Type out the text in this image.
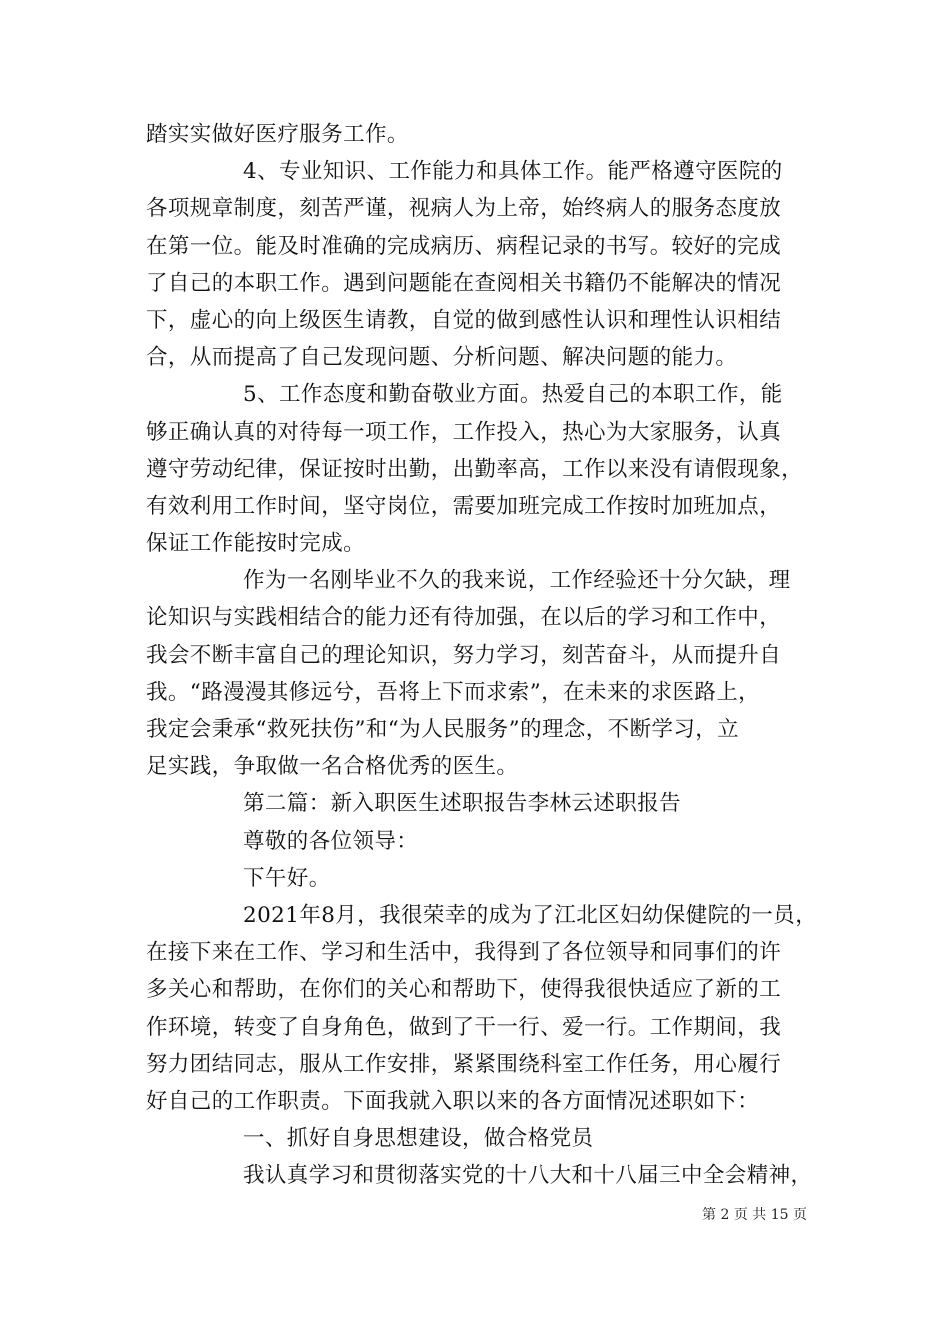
踏实实做好医疗服务工作。
4、专业知识、工作能力和具体工作。能严格遵守医院的
各项规章制度，刻苦严谨，视病人为上帝，始终病人的服务态度放
在第一位。能及时准确的完成病历、病程记录的书写。较好的完成
了自己的本职工作。遇到问题能在查阅相关书籍仍不能解决的情况
下，虚心的向上级医生请教，自觉的做到感性认识和理性认识相结
合，从而提高了自己发现问题、分析问题、解决问题的能力。
5、工作态度和勤奋敬业方面。热爱自己的本职工作，能
够正确认真的对待每一项工作，工作投入，热心为大家服务，认真
遵守劳动纪律，保证按时出勤，出勤率高，工作以来没有请假现象，
有效利用工作时间，坚守岗位，需要加班完成工作按时加班加点，
保证工作能按时完成。
作为一名刚毕业不久的我来说，工作经验还十分欠缺，理
论知识与实践相结合的能力还有待加强，在以后的学习和工作中，
我会不断丰富自己的理论知识，努力学习，刻苦奋斗，从而提升自
我。“路漫漫其修远兮，吾将上下而求索”，在未来的求医路上，
我定会秉承“救死扶伤”和“为人民服务”的理念，不断学习，立
足实践，争取做一名合格优秀的医生。
第二篇：新入职医生述职报告李林云述职报告
尊敬的各位领导：
下午好。
2021年8月，我很荣幸的成为了江北区妇幼保健院的一员，
在接下来在工作、学习和生活中，我得到了各位领导和同事们的许
多关心和帮助，在你们的关心和帮助下，使得我很快适应了新的工
作环境，转变了自身角色，做到了干一行、爱一行。工作期间，我
努力团结同志，服从工作安排，紧紧围绕科室工作任务，用心履行
好自己的工作职责。下面我就入职以来的各方面情况述职如下：
一、抓好自身思想建设，做合格党员
我认真学习和贯彻落实党的十八大和十八届三中全会精神，
第 2 页 共 15 页
